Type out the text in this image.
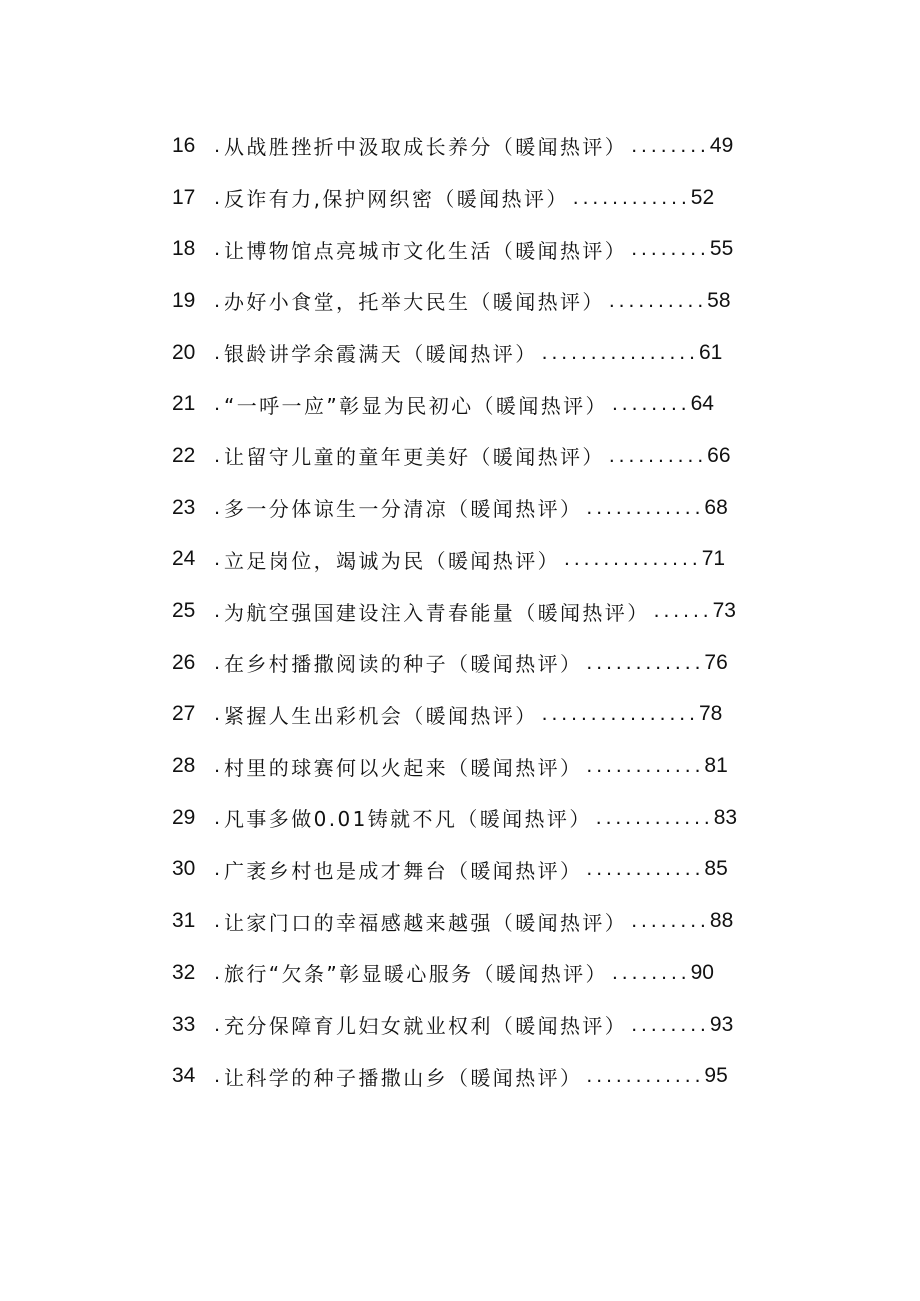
16 . 从战胜挫折中汲取成长养分（暖闻热评） ........ 49
17 . 反诈有力,保护网织密（暖闻热评） ............ 52
18 . 让博物馆点亮城市文化生活（暖闻热评） ........ 55
19 . 办好小食堂，托举大民生（暖闻热评） .......... 58
20 . 银龄讲学余霞满天（暖闻热评） ................ 61
21 . “一呼一应”彰显为民初心（暖闻热评） ........ 64
22 . 让留守儿童的童年更美好（暖闻热评） .......... 66
23 . 多一分体谅生一分清凉（暖闻热评） ............ 68
24 . 立足岗位，竭诚为民（暖闻热评） .............. 71
25 . 为航空强国建设注入青春能量（暖闻热评） ...... 73
26 . 在乡村播撒阅读的种子（暖闻热评） ............ 76
27 . 紧握人生出彩机会（暖闻热评） ................ 78
28 . 村里的球赛何以火起来（暖闻热评） ............ 81
29 . 凡事多做0.01铸就不凡（暖闻热评） ............ 83
30 . 广袤乡村也是成才舞台（暖闻热评） ............ 85
31 . 让家门口的幸福感越来越强（暖闻热评） ........ 88
32 . 旅行“欠条”彰显暖心服务（暖闻热评） ........ 90
33 . 充分保障育儿妇女就业权利（暖闻热评） ........ 93
34 . 让科学的种子播撒山乡（暖闻热评） ............ 95
